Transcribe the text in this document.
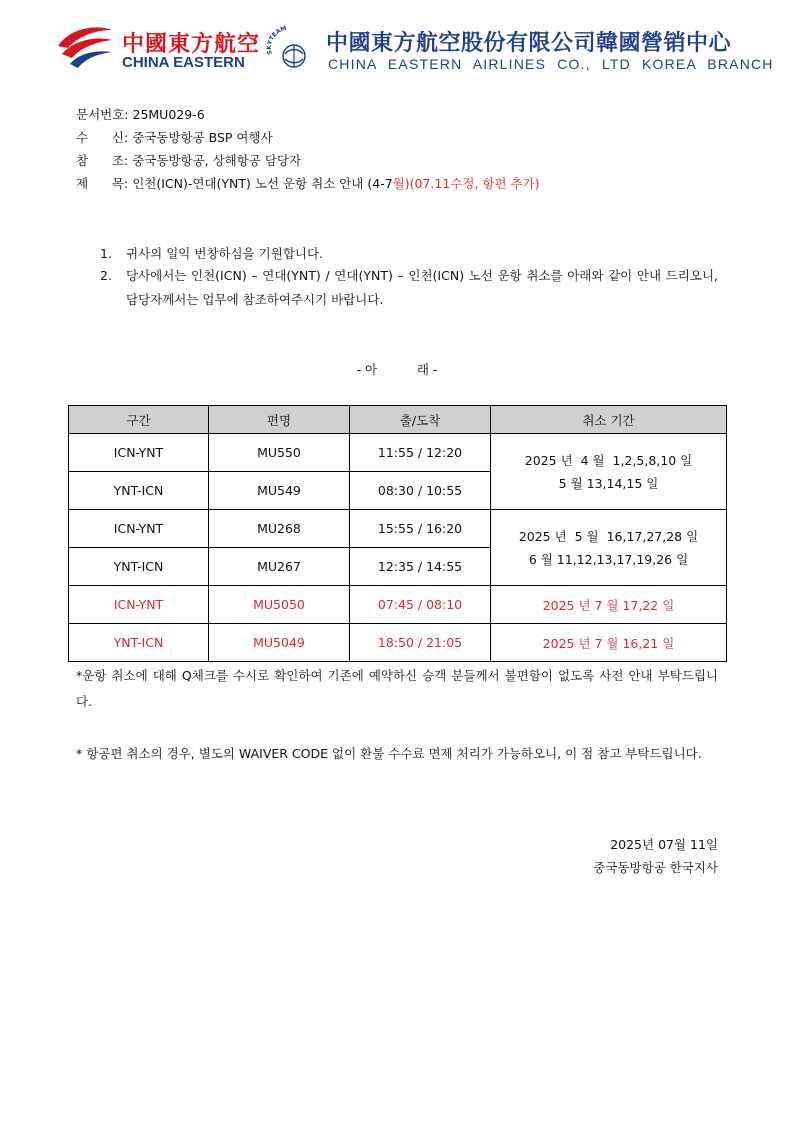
中國東方航空
CHINA EASTERN
SKYTEAM
中國東方航空股份有限公司韓國營销中心
CHINA EASTERN AIRLINES CO., LTD KOREA BRANCH
문서번호: 25MU029-6
수      신: 중국동방항공 BSP 여행사
참      조: 중국동방항공, 상해항공 담당자
제      목: 인천(ICN)-연대(YNT) 노선 운항 취소 안내 (4-7월)(07.11수정, 항편 추가)
1. 귀사의 일익 번창하심을 기원합니다.
2. 당사에서는 인천(ICN) – 연대(YNT) / 연대(YNT) – 인천(ICN) 노선 운항 취소를 아래와 같이 안내 드리오니, 담당자께서는 업무에 참조하여주시기 바랍니다.
- 아          래 -
구간	편명	출/도착	취소 기간
ICN-YNT	MU550	11:55 / 12:20	2025 년  4 월  1,2,5,8,10 일
5 월 13,14,15 일

YNT-ICN	MU549	08:30 / 10:55	
ICN-YNT	MU268	15:55 / 16:20	2025 년  5 월  16,17,27,28 일
6 월 11,12,13,17,19,26 일

YNT-ICN	MU267	12:35 / 14:55	
ICN-YNT	MU5050	07:45 / 08:10	2025 년 7 월 17,22 일
YNT-ICN	MU5049	18:50 / 21:05	2025 년 7 월 16,21 일
*운항 취소에 대해 Q체크를 수시로 확인하여 기존에 예약하신 승객 분들께서 불편함이 없도록 사전 안내 부탁드립니다.
* 항공편 취소의 경우, 별도의 WAIVER CODE 없이 환불 수수료 면제 처리가 가능하오니, 이 점 참고 부탁드립니다.
2025년 07월 11일
중국동방항공 한국지사
